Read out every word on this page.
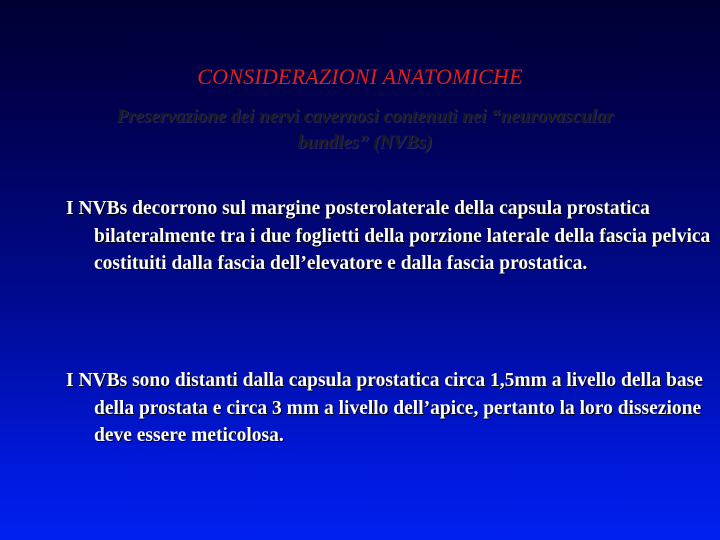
CONSIDERAZIONI ANATOMICHE
Preservazione dei nervi cavernosi contenuti nei “neurovascular bundles” (NVBs)
I NVBs decorrono sul margine posterolaterale della capsula prostatica bilateralmente tra i due foglietti della porzione laterale della fascia pelvica costituiti dalla fascia dell’elevatore e dalla fascia prostatica.
I NVBs sono distanti dalla capsula prostatica circa 1,5mm a livello della base della prostata e circa 3 mm a livello dell’apice, pertanto la loro dissezione deve essere meticolosa.
